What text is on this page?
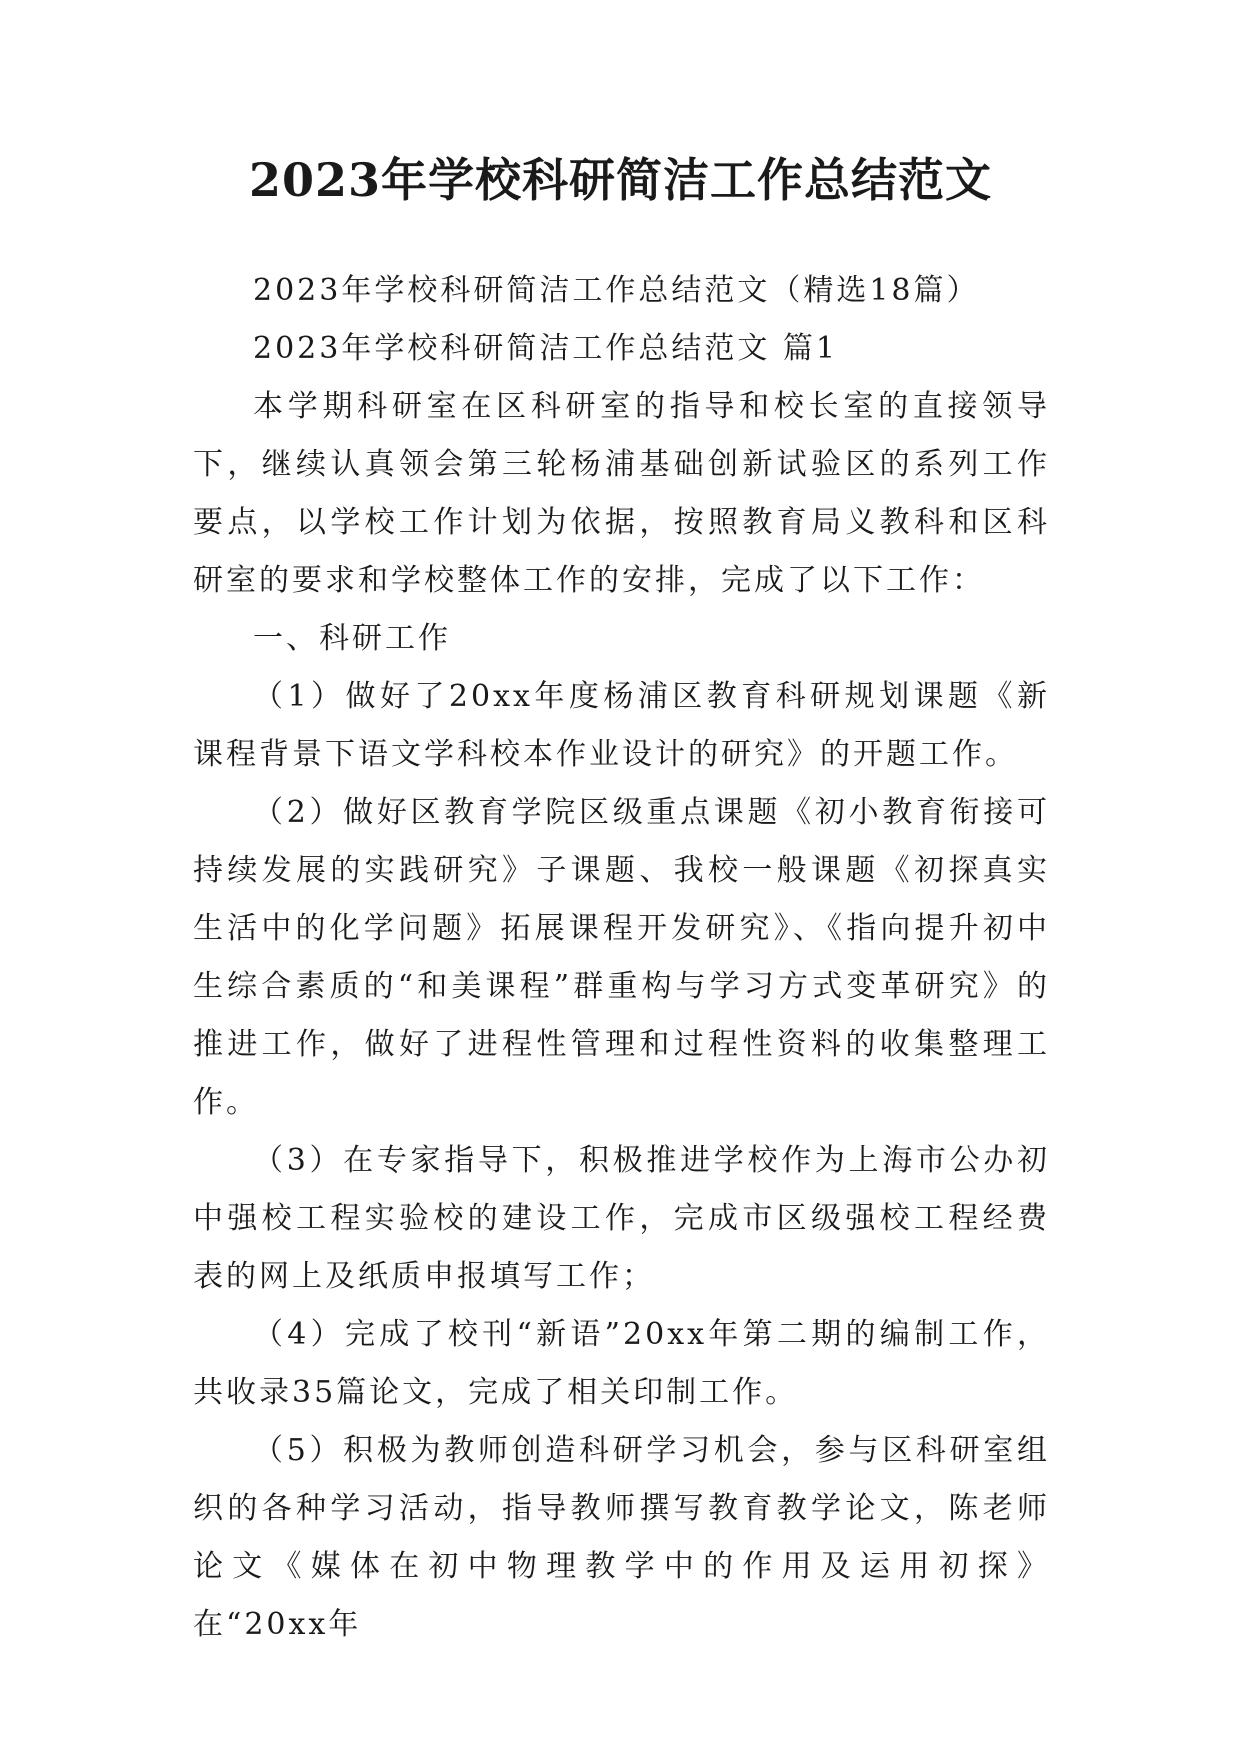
2023年学校科研简洁工作总结范文

2023年学校科研简洁工作总结范文（精选18篇）

2023年学校科研简洁工作总结范文 篇1

本学期科研室在区科研室的指导和校长室的直接领导下，继续认真领会第三轮杨浦基础创新试验区的系列工作要点，以学校工作计划为依据，按照教育局义教科和区科研室的要求和学校整体工作的安排，完成了以下工作：

一、科研工作

（1）做好了20xx年度杨浦区教育科研规划课题《新课程背景下语文学科校本作业设计的研究》的开题工作。

（2）做好区教育学院区级重点课题《初小教育衔接可持续发展的实践研究》子课题、我校一般课题《初探真实生活中的化学问题》拓展课程开发研究》、《指向提升初中生综合素质的“和美课程”群重构与学习方式变革研究》的推进工作，做好了进程性管理和过程性资料的收集整理工作。

（3）在专家指导下，积极推进学校作为上海市公办初中强校工程实验校的建设工作，完成市区级强校工程经费表的网上及纸质申报填写工作；

（4）完成了校刊“新语”20xx年第二期的编制工作，共收录35篇论文，完成了相关印制工作。

（5）积极为教师创造科研学习机会，参与区科研室组织的各种学习活动，指导教师撰写教育教学论文，陈老师论文《媒体在初中物理教学中的作用及运用初探》在“20xx年
